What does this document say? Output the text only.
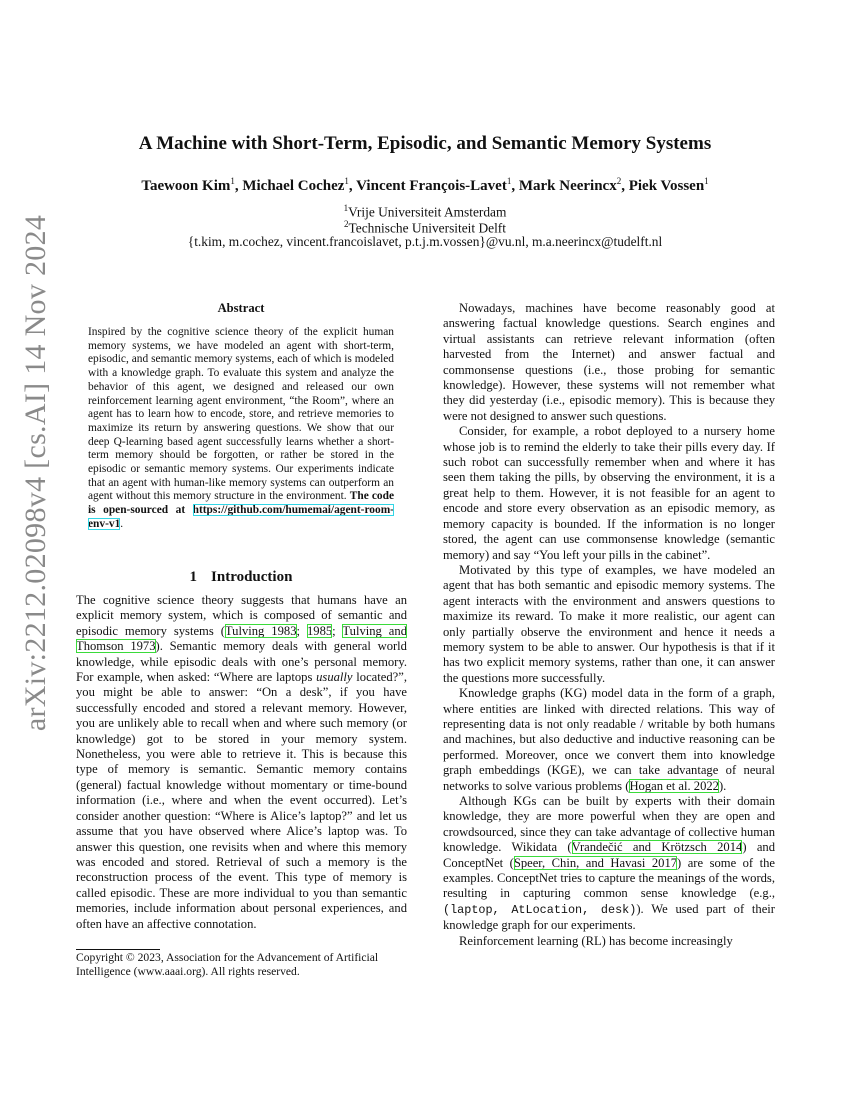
arXiv:2212.02098v4 [cs.AI] 14 Nov 2024
A Machine with Short-Term, Episodic, and Semantic Memory Systems
Taewoon Kim$^1$, Michael Cochez$^1$, Vincent François-Lavet$^1$, Mark Neerincx$^2$, Piek Vossen$^1$
$^1$Vrije Universiteit Amsterdam
$^2$Technische Universiteit Delft
{t.kim, m.cochez, vincent.francoislavet, p.t.j.m.vossen}@vu.nl, m.a.neerincx@tudelft.nl
Abstract

Inspired by the cognitive science theory of the explicit human memory systems, we have modeled an agent with short-term, episodic, and semantic memory systems, each of which is modeled with a knowledge graph. To evaluate this system and analyze the behavior of this agent, we designed and released our own reinforcement learning agent environment, “the Room”, where an agent has to learn how to encode, store, and retrieve memories to maximize its return by answering questions. We show that our deep Q-learning based agent successfully learns whether a short-term memory should be forgotten, or rather be stored in the episodic or semantic memory systems. Our experiments indicate that an agent with human-like memory systems can outperform an agent without this memory structure in the environment. The code is open-sourced at https://github.com/humemai/agent-room-env-v1.

1 Introduction

The cognitive science theory suggests that humans have an explicit memory system, which is composed of semantic and episodic memory systems (Tulving 1983; 1985; Tulving and Thomson 1973). Semantic memory deals with general world knowledge, while episodic deals with one’s personal memory. For example, when asked: “Where are laptops usually located?”, you might be able to answer: “On a desk”, if you have successfully encoded and stored a relevant memory. However, you are unlikely able to recall when and where such memory (or knowledge) got to be stored in your memory system. Nonetheless, you were able to retrieve it. This is because this type of memory is semantic. Semantic memory contains (general) factual knowledge without momentary or time-bound information (i.e., where and when the event occurred). Let’s consider another question: “Where is Alice’s laptop?” and let us assume that you have observed where Alice’s laptop was. To answer this question, one revisits when and where this memory was encoded and stored. Retrieval of such a memory is the reconstruction process of the event. This type of memory is called episodic. These are more individual to you than semantic memories, include information about personal experiences, and often have an affective connotation.

Copyright © 2023, Association for the Advancement of Artificial Intelligence (www.aaai.org). All rights reserved.

Nowadays, machines have become reasonably good at answering factual knowledge questions. Search engines and virtual assistants can retrieve relevant information (often harvested from the Internet) and answer factual and commonsense questions (i.e., those probing for semantic knowledge). However, these systems will not remember what they did yesterday (i.e., episodic memory). This is because they were not designed to answer such questions.

Consider, for example, a robot deployed to a nursery home whose job is to remind the elderly to take their pills every day. If such robot can successfully remember when and where it has seen them taking the pills, by observing the environment, it is a great help to them. However, it is not feasible for an agent to encode and store every observation as an episodic memory, as memory capacity is bounded. If the information is no longer stored, the agent can use commonsense knowledge (semantic memory) and say “You left your pills in the cabinet”.

Motivated by this type of examples, we have modeled an agent that has both semantic and episodic memory systems. The agent interacts with the environment and answers questions to maximize its reward. To make it more realistic, our agent can only partially observe the environment and hence it needs a memory system to be able to answer. Our hypothesis is that if it has two explicit memory systems, rather than one, it can answer the questions more successfully.

Knowledge graphs (KG) model data in the form of a graph, where entities are linked with directed relations. This way of representing data is not only readable / writable by both humans and machines, but also deductive and inductive reasoning can be performed. Moreover, once we convert them into knowledge graph embeddings (KGE), we can take advantage of neural networks to solve various problems (Hogan et al. 2022).

Although KGs can be built by experts with their domain knowledge, they are more powerful when they are open and crowdsourced, since they can take advantage of collective human knowledge. Wikidata (Vrandečić and Krötzsch 2014) and ConceptNet (Speer, Chin, and Havasi 2017) are some of the examples. ConceptNet tries to capture the meanings of the words, resulting in capturing common sense knowledge (e.g., (laptop, AtLocation, desk)). We used part of their knowledge graph for our experiments.

Reinforcement learning (RL) has become increasingly
